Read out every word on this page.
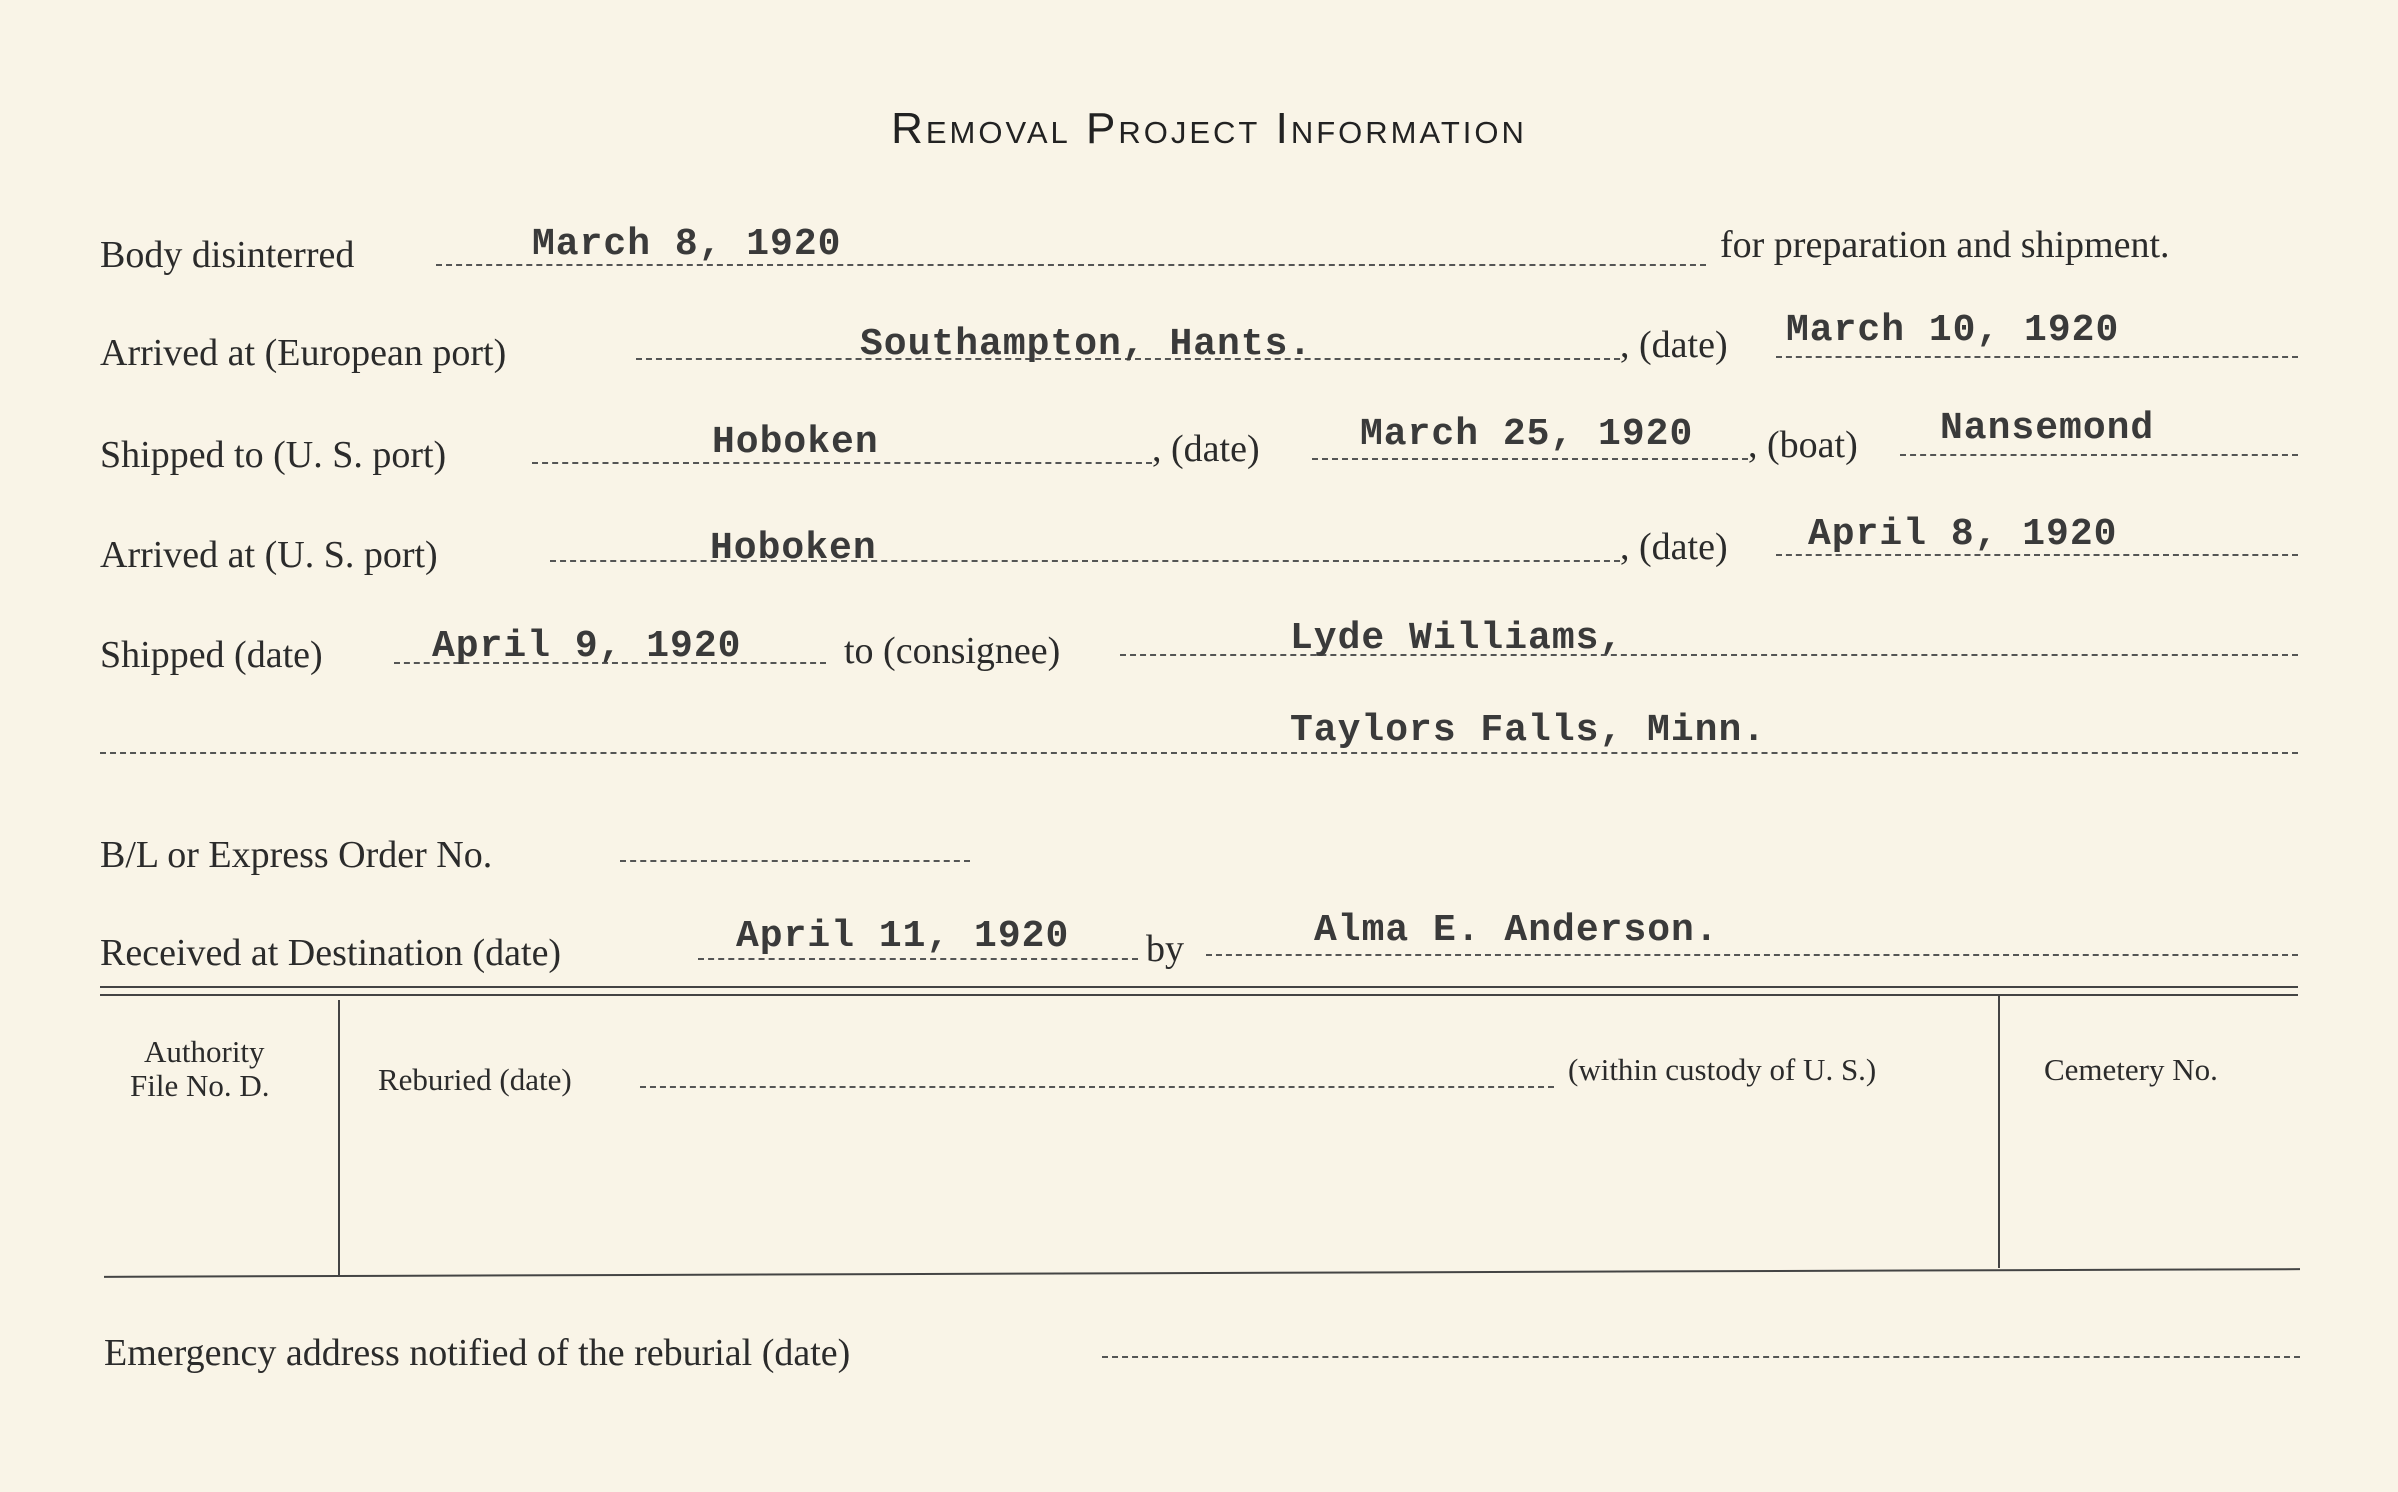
Removal Project Information
Body disinterred	March 8, 1920	for preparation and shipment.
Arrived at (European port)	Southampton, Hants.	, (date) March 10, 1920
Shipped to (U. S. port)	Hoboken	, (date)	March 25, 1920 , (boat) Nansemond
Arrived at (U. S. port)	Hoboken	, (date) April 8, 1920
Shipped (date)	April 9, 1920	to (consignee)	Lyde Williams,
Taylors Falls, Minn.
B/L or Express Order No.
Received at Destination (date)	April 11, 1920 by	Alma E. Anderson.
Authority
File No. D.	Reburied (date)	(within custody of U. S.)	Cemetery No.
Emergency address notified of the reburial (date)
